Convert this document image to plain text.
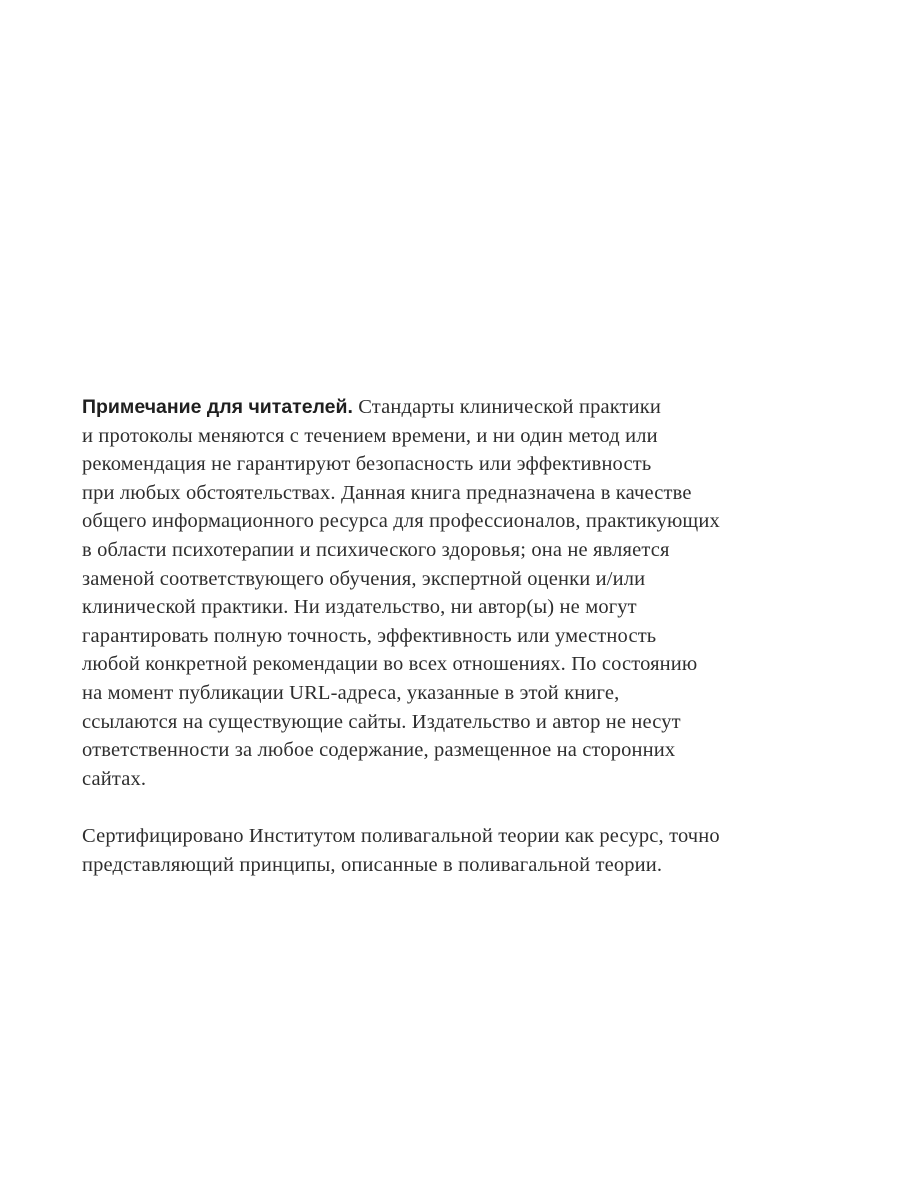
Примечание для читателей. Стандарты клинической практики
и протоколы меняются с течением времени, и ни один метод или
рекомендация не гарантируют безопасность или эффективность
при любых обстоятельствах. Данная книга предназначена в качестве
общего информационного ресурса для профессионалов, практикующих
в области психотерапии и психического здоровья; она не является
заменой соответствующего обучения, экспертной оценки и/или
клинической практики. Ни издательство, ни автор(ы) не могут
гарантировать полную точность, эффективность или уместность
любой конкретной рекомендации во всех отношениях. По состоянию
на момент публикации URL-адреса, указанные в этой книге,
ссылаются на существующие сайты. Издательство и автор не несут
ответственности за любое содержание, размещенное на сторонних
сайтах.
Сертифицировано Институтом поливагальной теории как ресурс, точно
представляющий принципы, описанные в поливагальной теории.
